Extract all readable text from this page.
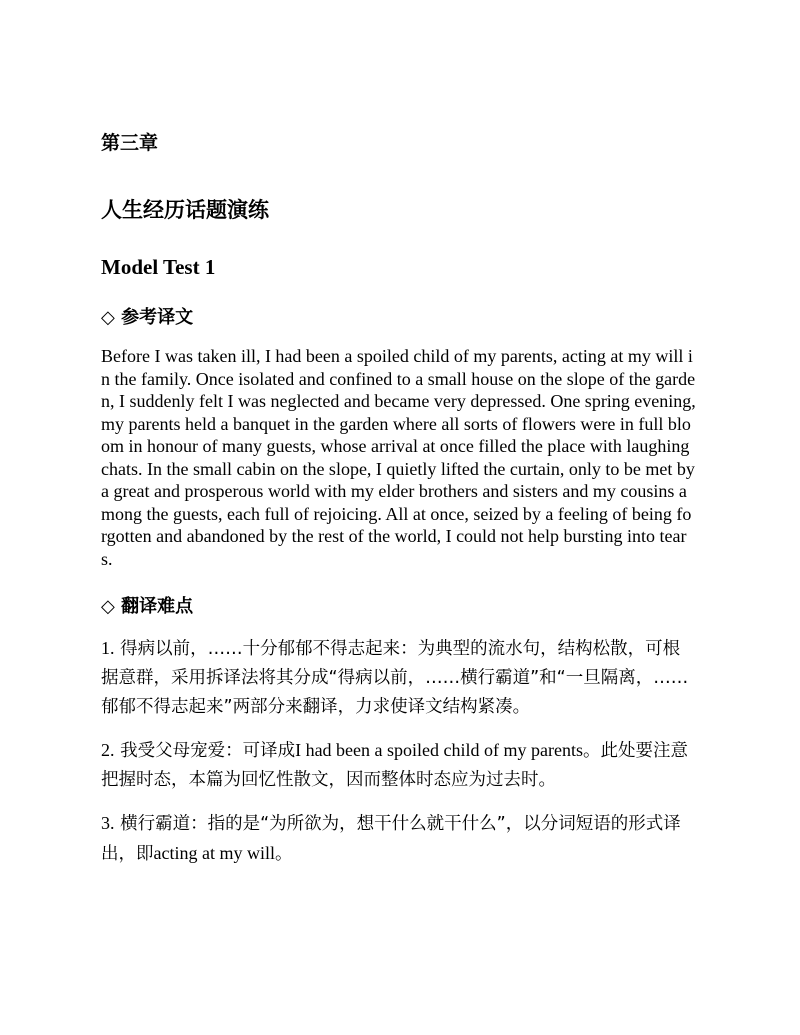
第三章
人生经历话题演练
Model Test 1
◇ 参考译文

Before I was taken ill, I had been a spoiled child of my parents, acting at my will in the family. Once isolated and confined to a small house on the slope of the garden, I suddenly felt I was neglected and became very depressed. One spring evening, my parents held a banquet in the garden where all sorts of flowers were in full bloom in honour of many guests, whose arrival at once filled the place with laughing chats. In the small cabin on the slope, I quietly lifted the curtain, only to be met by a great and prosperous world with my elder brothers and sisters and my cousins among the guests, each full of rejoicing. All at once, seized by a feeling of being forgotten and abandoned by the rest of the world, I could not help bursting into tears.

◇ 翻译难点

1. 得病以前，……十分郁郁不得志起来：为典型的流水句，结构松散，可根据意群，采用拆译法将其分成“得病以前，……横行霸道”和“一旦隔离，……郁郁不得志起来”两部分来翻译，力求使译文结构紧凑。

2. 我受父母宠爱：可译成I had been a spoiled child of my parents。此处要注意把握时态，本篇为回忆性散文，因而整体时态应为过去时。

3. 横行霸道：指的是“为所欲为，想干什么就干什么”，以分词短语的形式译出，即acting at my will。
